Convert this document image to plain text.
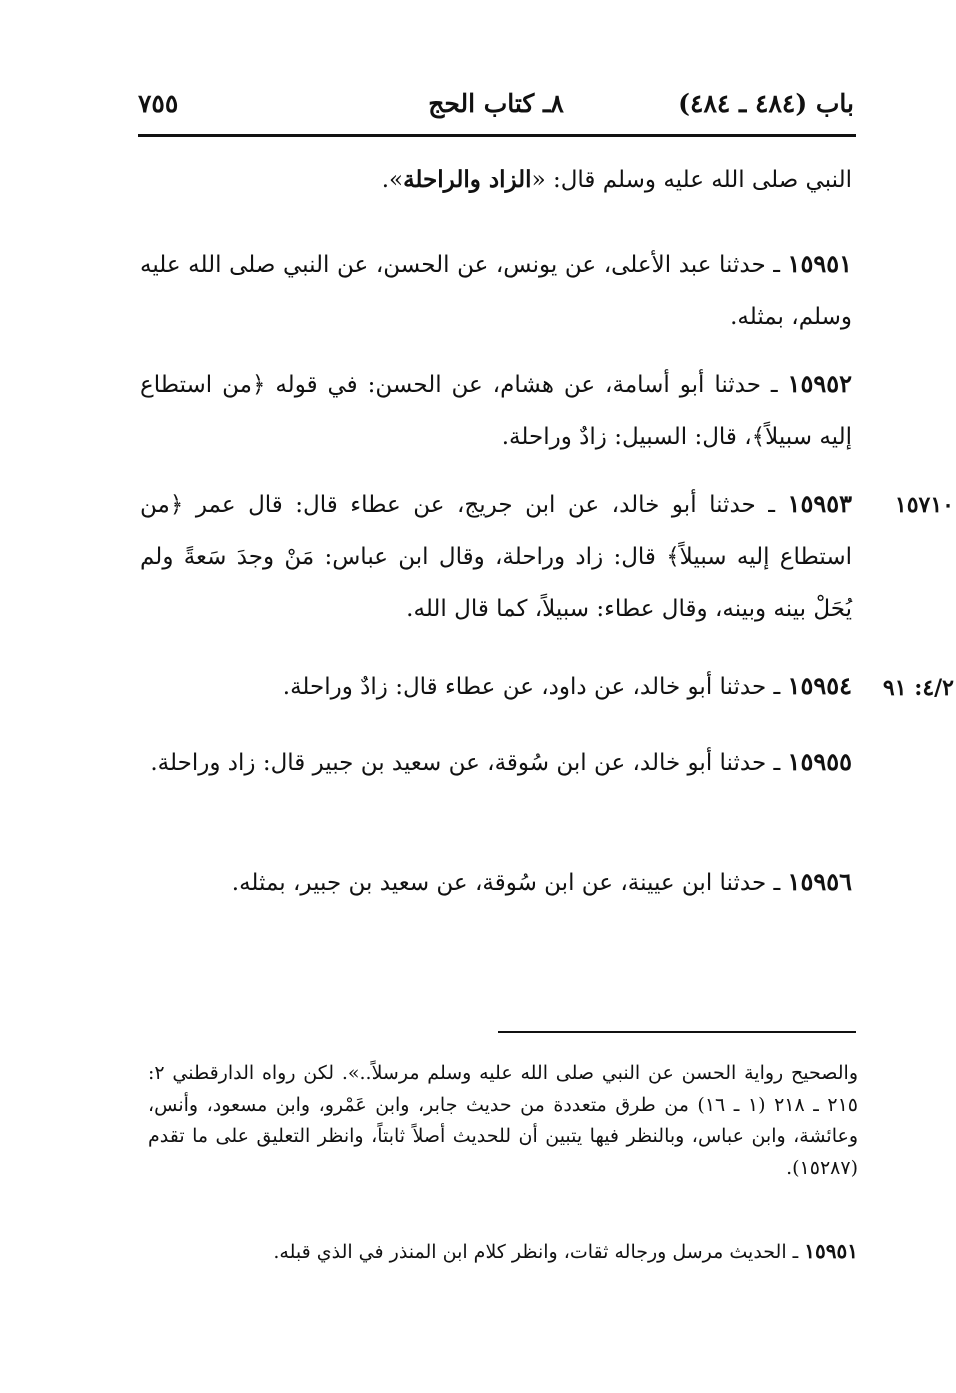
باب (٤٨٤ ـ ٤٨٤)
٨ـ كتاب الحج
٧٥٥

النبي صلى الله عليه وسلم قال: «الزاد والراحلة».

١٥٩٥١ ـ حدثنا عبد الأعلى، عن يونس، عن الحسن، عن النبي صلى الله عليه وسلم، بمثله.

١٥٩٥٢ ـ حدثنا أبو أسامة، عن هشام، عن الحسن: في قوله ﴿من استطاع إليه سبيلاً﴾، قال: السبيل: زادٌ وراحلة.

١٥٧١٠

١٥٩٥٣ ـ حدثنا أبو خالد، عن ابن جريج، عن عطاء قال: قال عمر ﴿من استطاع إليه سبيلاً﴾ قال: زاد وراحلة، وقال ابن عباس: مَنْ وجدَ سَعةً ولم يُحَلْ بينه وبينه، وقال عطاء: سبيلاً، كما قال الله.

٤/٢: ٩١

١٥٩٥٤ ـ حدثنا أبو خالد، عن داود، عن عطاء قال: زادٌ وراحلة.

١٥٩٥٥ ـ حدثنا أبو خالد، عن ابن سُوقة، عن سعيد بن جبير قال: زاد وراحلة.

١٥٩٥٦ ـ حدثنا ابن عيينة، عن ابن سُوقة، عن سعيد بن جبير، بمثله.

والصحيح رواية الحسن عن النبي صلى الله عليه وسلم مرسلاً..». لكن رواه الدارقطني ٢: ٢١٥ ـ ٢١٨ (١ ـ ١٦) من طرق متعددة من حديث جابر، وابن عَمْرو، وابن مسعود، وأنس، وعائشة، وابن عباس، وبالنظر فيها يتبين أن للحديث أصلاً ثابتاً، وانظر التعليق على ما تقدم (١٥٢٨٧).

١٥٩٥١ ـ الحديث مرسل ورجاله ثقات، وانظر كلام ابن المنذر في الذي قبله.
